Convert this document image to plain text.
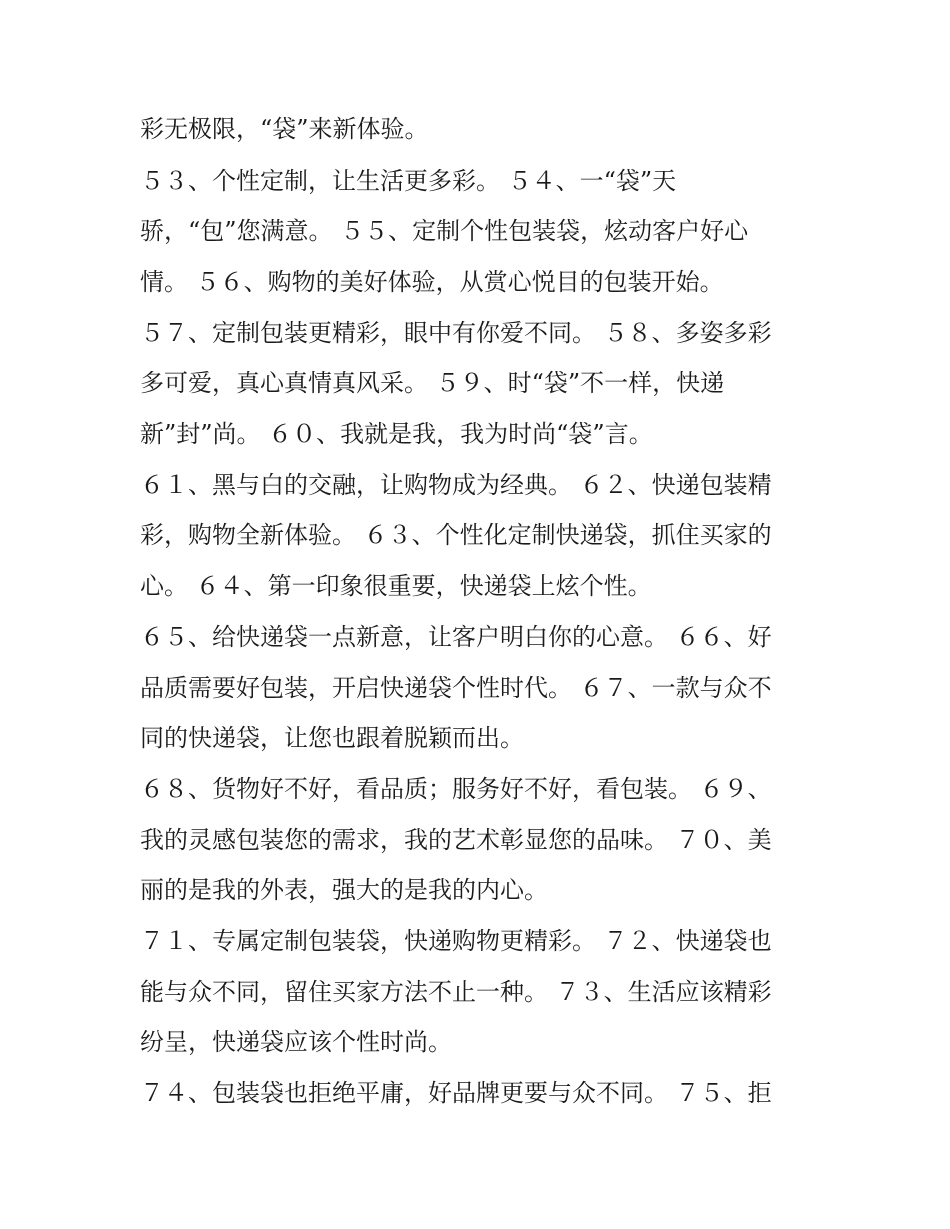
彩无极限，“袋”来新体验。
５３、个性定制，让生活更多彩。 ５４、一“袋”天
骄，“包”您满意。 ５５、定制个性包装袋，炫动客户好心
情。 ５６、购物的美好体验，从赏心悦目的包装开始。
５７、定制包装更精彩，眼中有你爱不同。 ５８、多姿多彩
多可爱，真心真情真风采。 ５９、时“袋”不一样，快递
新”封”尚。 ６０、我就是我，我为时尚“袋”言。
６１、黑与白的交融，让购物成为经典。 ６２、快递包装精
彩，购物全新体验。 ６３、个性化定制快递袋，抓住买家的
心。 ６４、第一印象很重要，快递袋上炫个性。
６５、给快递袋一点新意，让客户明白你的心意。 ６６、好
品质需要好包装，开启快递袋个性时代。 ６７、一款与众不
同的快递袋，让您也跟着脱颖而出。
６８、货物好不好，看品质；服务好不好，看包装。 ６９、
我的灵感包装您的需求，我的艺术彰显您的品味。 ７０、美
丽的是我的外表，强大的是我的内心。
７１、专属定制包装袋，快递购物更精彩。 ７２、快递袋也
能与众不同，留住买家方法不止一种。 ７３、生活应该精彩
纷呈，快递袋应该个性时尚。
７４、包装袋也拒绝平庸，好品牌更要与众不同。 ７５、拒
